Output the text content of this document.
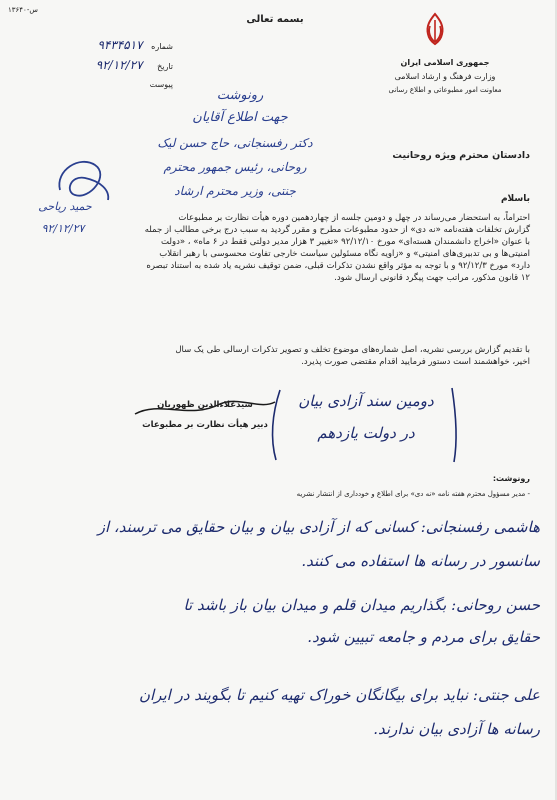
س-۱۳۶۴۰
بسمه تعالی
جمهوری اسلامی ایران
وزارت فرهنگ و ارشاد اسلامی
معاونت امور مطبوعاتی و اطلاع رسانی
شماره ۹۴۳۴۵۱۷
تاریخ ۹۲/۱۲/۲۷
پیوست
رونوشت
جهت اطلاع آقایان
دکتر رفسنجانی، حاج حسن لیک
روحانی، رئیس جمهور محترم
جنتی، وزیر محترم ارشاد
حمید ریاحی
۹۲/۱۲/۲۷
دادستان محترم ویژه روحانیت
باسلام
احتراماً، به استحضار می‌رساند در چهل و دومین جلسه از چهاردهمین دوره هیأت نظارت بر مطبوعات
گزارش تخلفات هفته‌نامه «نه دی» از حدود مطبوعات مطرح و مقرر گردید به سبب درج برخی مطالب از جمله
با عنوان «اخراج دانشمندان هسته‌ای» مورخ ۹۲/۱۲/۱۰ «تغییر ۳ هزار مدیر دولتی فقط در ۶ ماه» ، «دولت
امنیتی‌ها و بی تدبیری‌های امنیتی» و «زاویه نگاه مسئولین سیاست خارجی تفاوت محسوسی با رهبر انقلاب
دارد» مورخ ۹۲/۱۲/۳ و با توجه به مؤثر واقع نشدن تذکرات قبلی، ضمن توقیف نشریه یاد شده به استناد تبصره
۱۲ قانون مذکور، مراتب جهت پیگرد قانونی ارسال شود.
با تقدیم گزارش بررسی نشریه، اصل شماره‌های موضوع تخلف و تصویر تذکرات ارسالی طی یک سال
اخیر، خواهشمند است دستور فرمایید اقدام مقتضی صورت پذیرد.
سیدعلاءالدین ظهوریان
دبیر هیأت نظارت بر مطبوعات
دومین سند آزادی بیان
در دولت یازدهم
رونوشت:
- مدیر مسؤول محترم هفته نامه «نه دی» برای اطلاع و خودداری از انتشار نشریه
هاشمی رفسنجانی: کسانی که از آزادی بیان و بیان حقایق می ترسند، از
سانسور در رسانه ها استفاده می کنند.
حسن روحانی: بگذاریم میدان قلم و میدان بیان باز باشد تا
حقایق برای مردم و جامعه تبیین شود.
علی جنتی: نباید برای بیگانگان خوراک تهیه کنیم تا بگویند در ایران
رسانه ها آزادی بیان ندارند.
